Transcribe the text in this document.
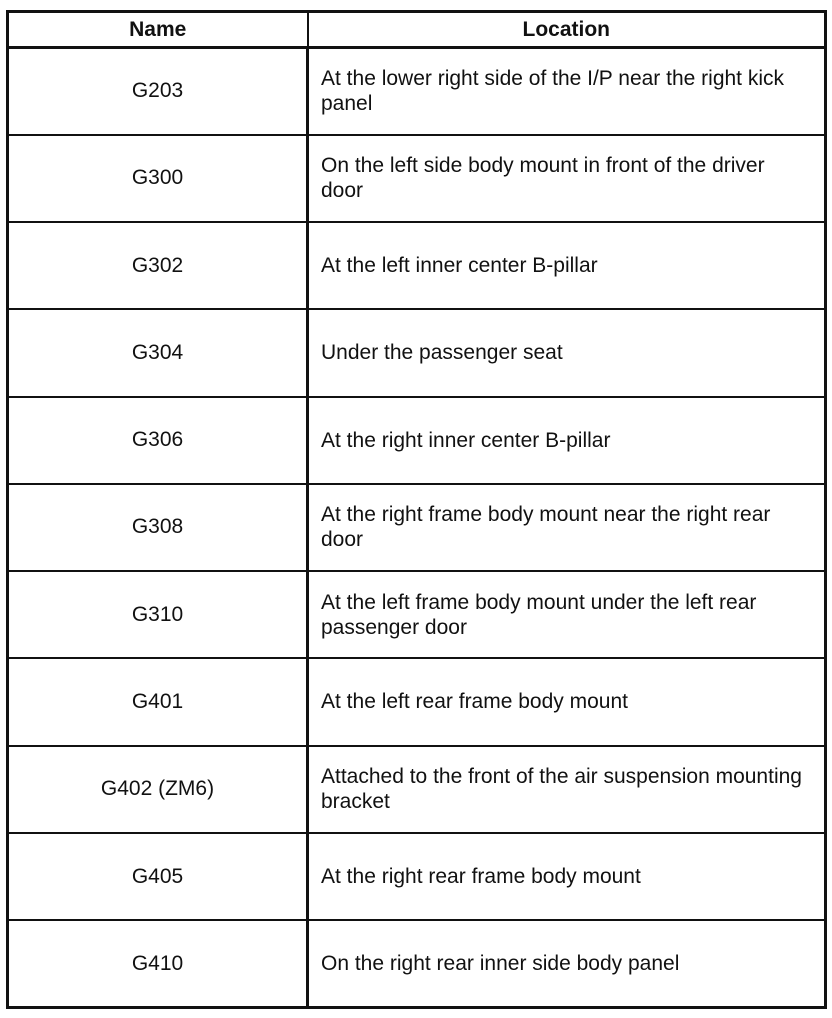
Name	Location
G203	At the lower right side of the I/P near the right kick panel
G300	On the left side body mount in front of the driver door
G302	At the left inner center B-pillar
G304	Under the passenger seat
G306	At the right inner center B-pillar
G308	At the right frame body mount near the right rear door
G310	At the left frame body mount under the left rear passenger door
G401	At the left rear frame body mount
G402 (ZM6)	Attached to the front of the air suspension mounting bracket
G405	At the right rear frame body mount
G410	On the right rear inner side body panel
